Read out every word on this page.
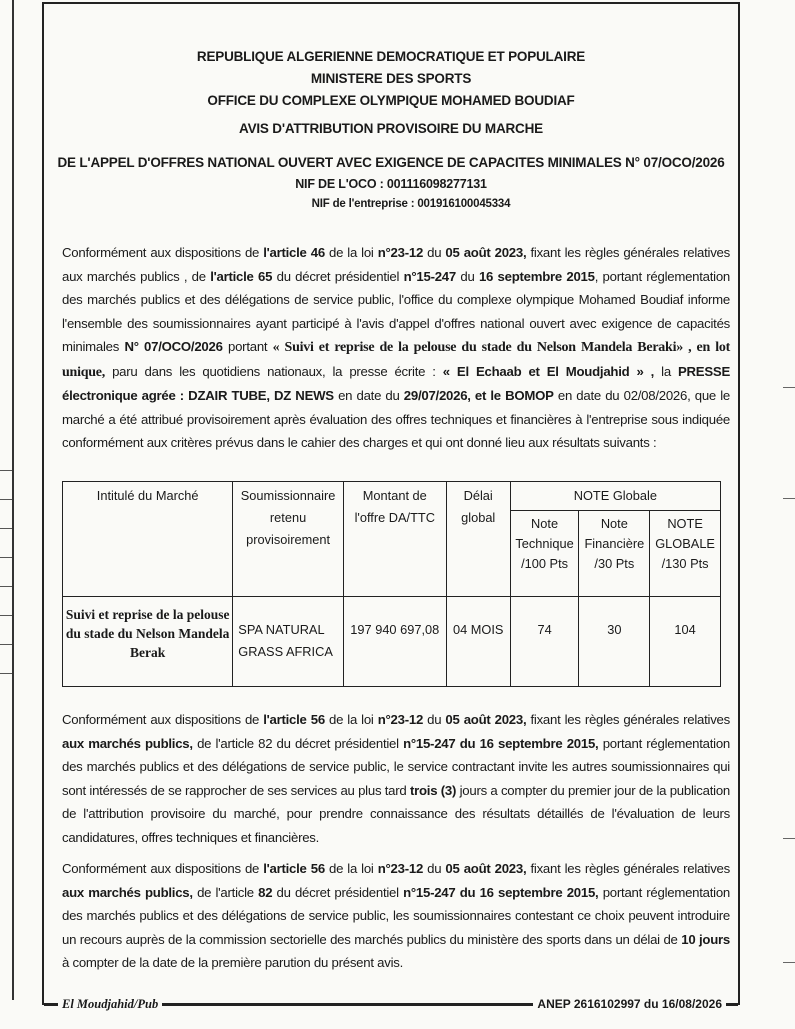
REPUBLIQUE ALGERIENNE DEMOCRATIQUE ET POPULAIRE
MINISTERE DES SPORTS
OFFICE DU COMPLEXE OLYMPIQUE MOHAMED BOUDIAF
AVIS D'ATTRIBUTION PROVISOIRE DU MARCHE
DE L'APPEL D'OFFRES NATIONAL OUVERT AVEC EXIGENCE DE CAPACITES MINIMALES N° 07/OCO/2026
NIF DE L'OCO : 001116098277131
NIF de l'entreprise : 001916100045334
Conformément aux dispositions de l'article 46 de la loi n°23-12 du 05 août 2023, fixant les règles générales relatives aux marchés publics , de l'article 65 du décret présidentiel n°15-247 du 16 septembre 2015, portant réglementation des marchés publics et des délégations de service public, l'office du complexe olympique Mohamed Boudiaf informe l'ensemble des soumissionnaires ayant participé à l'avis d'appel d'offres national ouvert avec exigence de capacités minimales N° 07/OCO/2026 portant « Suivi et reprise de la pelouse du stade du Nelson Mandela Beraki» , en lot unique, paru dans les quotidiens nationaux, la presse écrite : « El Echaab et El Moudjahid » , la PRESSE électronique agrée : DZAIR TUBE, DZ NEWS en date du 29/07/2026, et le BOMOP en date du 02/08/2026, que le marché a été attribué provisoirement après évaluation des offres techniques et financières à l'entreprise sous indiquée conformément aux critères prévus dans le cahier des charges et qui ont donné lieu aux résultats suivants :
Intitulé du Marché	Soumissionnaire retenu provisoirement	Montant de l'offre DA/TTC	Délai global	NOTE Globale		
				Note Technique /100 Pts	Note Financière /30 Pts	NOTE GLOBALE /130 Pts
Suivi et reprise de la pelouse du stade du Nelson Mandela Berak	SPA NATURAL GRASS AFRICA	197 940 697,08	04 MOIS	74	30	104
Conformément aux dispositions de l'article 56 de la loi n°23-12 du 05 août 2023, fixant les règles générales relatives aux marchés publics, de l'article 82 du décret présidentiel n°15-247 du 16 septembre 2015, portant réglementation des marchés publics et des délégations de service public, le service contractant invite les autres soumissionnaires qui sont intéressés de se rapprocher de ses services au plus tard trois (3) jours a compter du premier jour de la publication de l'attribution provisoire du marché, pour prendre connaissance des résultats détaillés de l'évaluation de leurs candidatures, offres techniques et financières.
Conformément aux dispositions de l'article 56 de la loi n°23-12 du 05 août 2023, fixant les règles générales relatives aux marchés publics, de l'article 82 du décret présidentiel n°15-247 du 16 septembre 2015, portant réglementation des marchés publics et des délégations de service public, les soumissionnaires contestant ce choix peuvent introduire un recours auprès de la commission sectorielle des marchés publics du ministère des sports dans un délai de 10 jours à compter de la date de la première parution du présent avis.
El Moudjahid/Pub	ANEP 2616102997 du 16/08/2026
